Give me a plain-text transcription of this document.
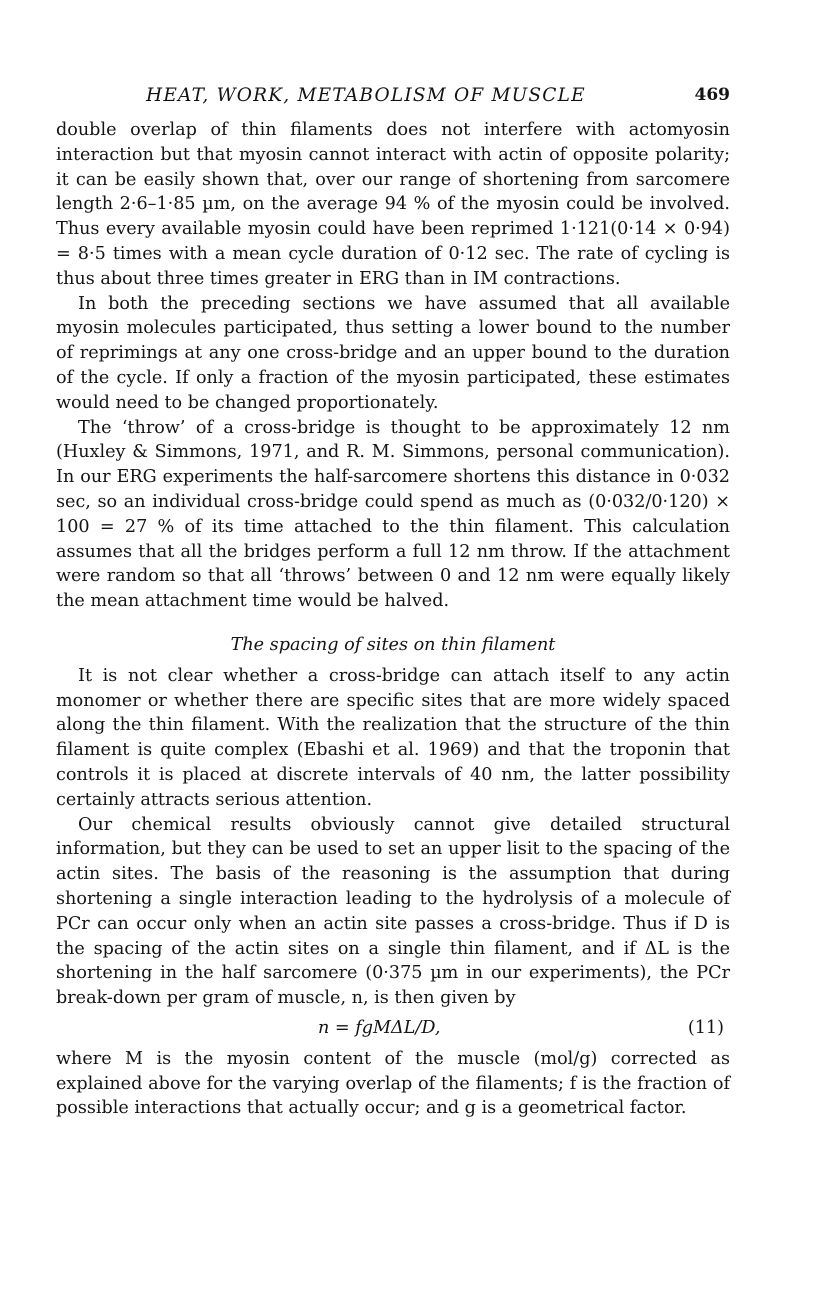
HEAT, WORK, METABOLISM OF MUSCLE	469

double overlap of thin filaments does not interfere with actomyosin interaction but that myosin cannot interact with actin of opposite polarity; it can be easily shown that, over our range of shortening from sarcomere length 2·6–1·85 µm, on the average 94 % of the myosin could be involved. Thus every available myosin could have been reprimed 1·121(0·14 × 0·94) = 8·5 times with a mean cycle duration of 0·12 sec. The rate of cycling is thus about three times greater in ERG than in IM contractions.

In both the preceding sections we have assumed that all available myosin molecules participated, thus setting a lower bound to the number of reprimings at any one cross-bridge and an upper bound to the duration of the cycle. If only a fraction of the myosin participated, these estimates would need to be changed proportionately.

The ‘throw’ of a cross-bridge is thought to be approximately 12 nm (Huxley & Simmons, 1971, and R. M. Simmons, personal communication). In our ERG experiments the half-sarcomere shortens this distance in 0·032 sec, so an individual cross-bridge could spend as much as (0·032/0·120) × 100 = 27 % of its time attached to the thin filament. This calculation assumes that all the bridges perform a full 12 nm throw. If the attachment were random so that all ‘throws’ between 0 and 12 nm were equally likely the mean attachment time would be halved.

The spacing of sites on thin filament

It is not clear whether a cross-bridge can attach itself to any actin monomer or whether there are specific sites that are more widely spaced along the thin filament. With the realization that the structure of the thin filament is quite complex (Ebashi et al. 1969) and that the troponin that controls it is placed at discrete intervals of 40 nm, the latter possibility certainly attracts serious attention.

Our chemical results obviously cannot give detailed structural information, but they can be used to set an upper lisit to the spacing of the actin sites. The basis of the reasoning is the assumption that during shortening a single interaction leading to the hydrolysis of a molecule of PCr can occur only when an actin site passes a cross-bridge. Thus if D is the spacing of the actin sites on a single thin filament, and if ΔL is the shortening in the half sarcomere (0·375 µm in our experiments), the PCr break-down per gram of muscle, n, is then given by

n = fgMΔL/D,	(11)

where M is the myosin content of the muscle (mol/g) corrected as explained above for the varying overlap of the filaments; f is the fraction of possible interactions that actually occur; and g is a geometrical factor.
